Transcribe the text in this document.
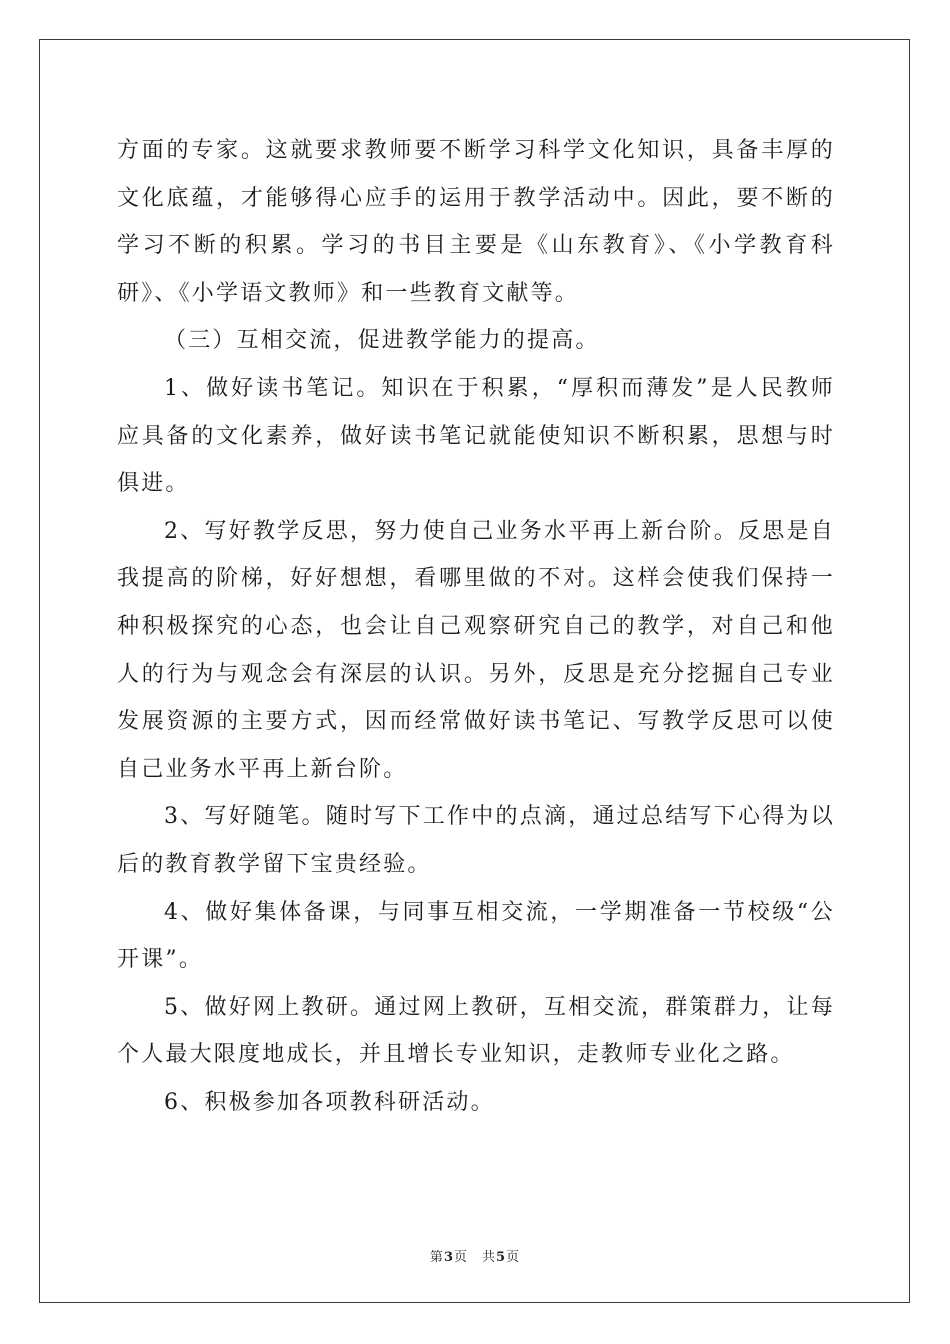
方面的专家。这就要求教师要不断学习科学文化知识，具备丰厚的文化底蕴，才能够得心应手的运用于教学活动中。因此，要不断的学习不断的积累。学习的书目主要是《山东教育》、《小学教育科研》、《小学语文教师》和一些教育文献等。

（三）互相交流，促进教学能力的提高。

1、做好读书笔记。知识在于积累，“厚积而薄发”是人民教师应具备的文化素养，做好读书笔记就能使知识不断积累，思想与时俱进。

2、写好教学反思，努力使自己业务水平再上新台阶。反思是自我提高的阶梯，好好想想，看哪里做的不对。这样会使我们保持一种积极探究的心态，也会让自己观察研究自己的教学，对自己和他人的行为与观念会有深层的认识。另外，反思是充分挖掘自己专业发展资源的主要方式，因而经常做好读书笔记、写教学反思可以使自己业务水平再上新台阶。

3、写好随笔。随时写下工作中的点滴，通过总结写下心得为以后的教育教学留下宝贵经验。

4、做好集体备课，与同事互相交流，一学期准备一节校级“公开课”。

5、做好网上教研。通过网上教研，互相交流，群策群力，让每个人最大限度地成长，并且增长专业知识，走教师专业化之路。

6、积极参加各项教科研活动。

第3页 共5页
